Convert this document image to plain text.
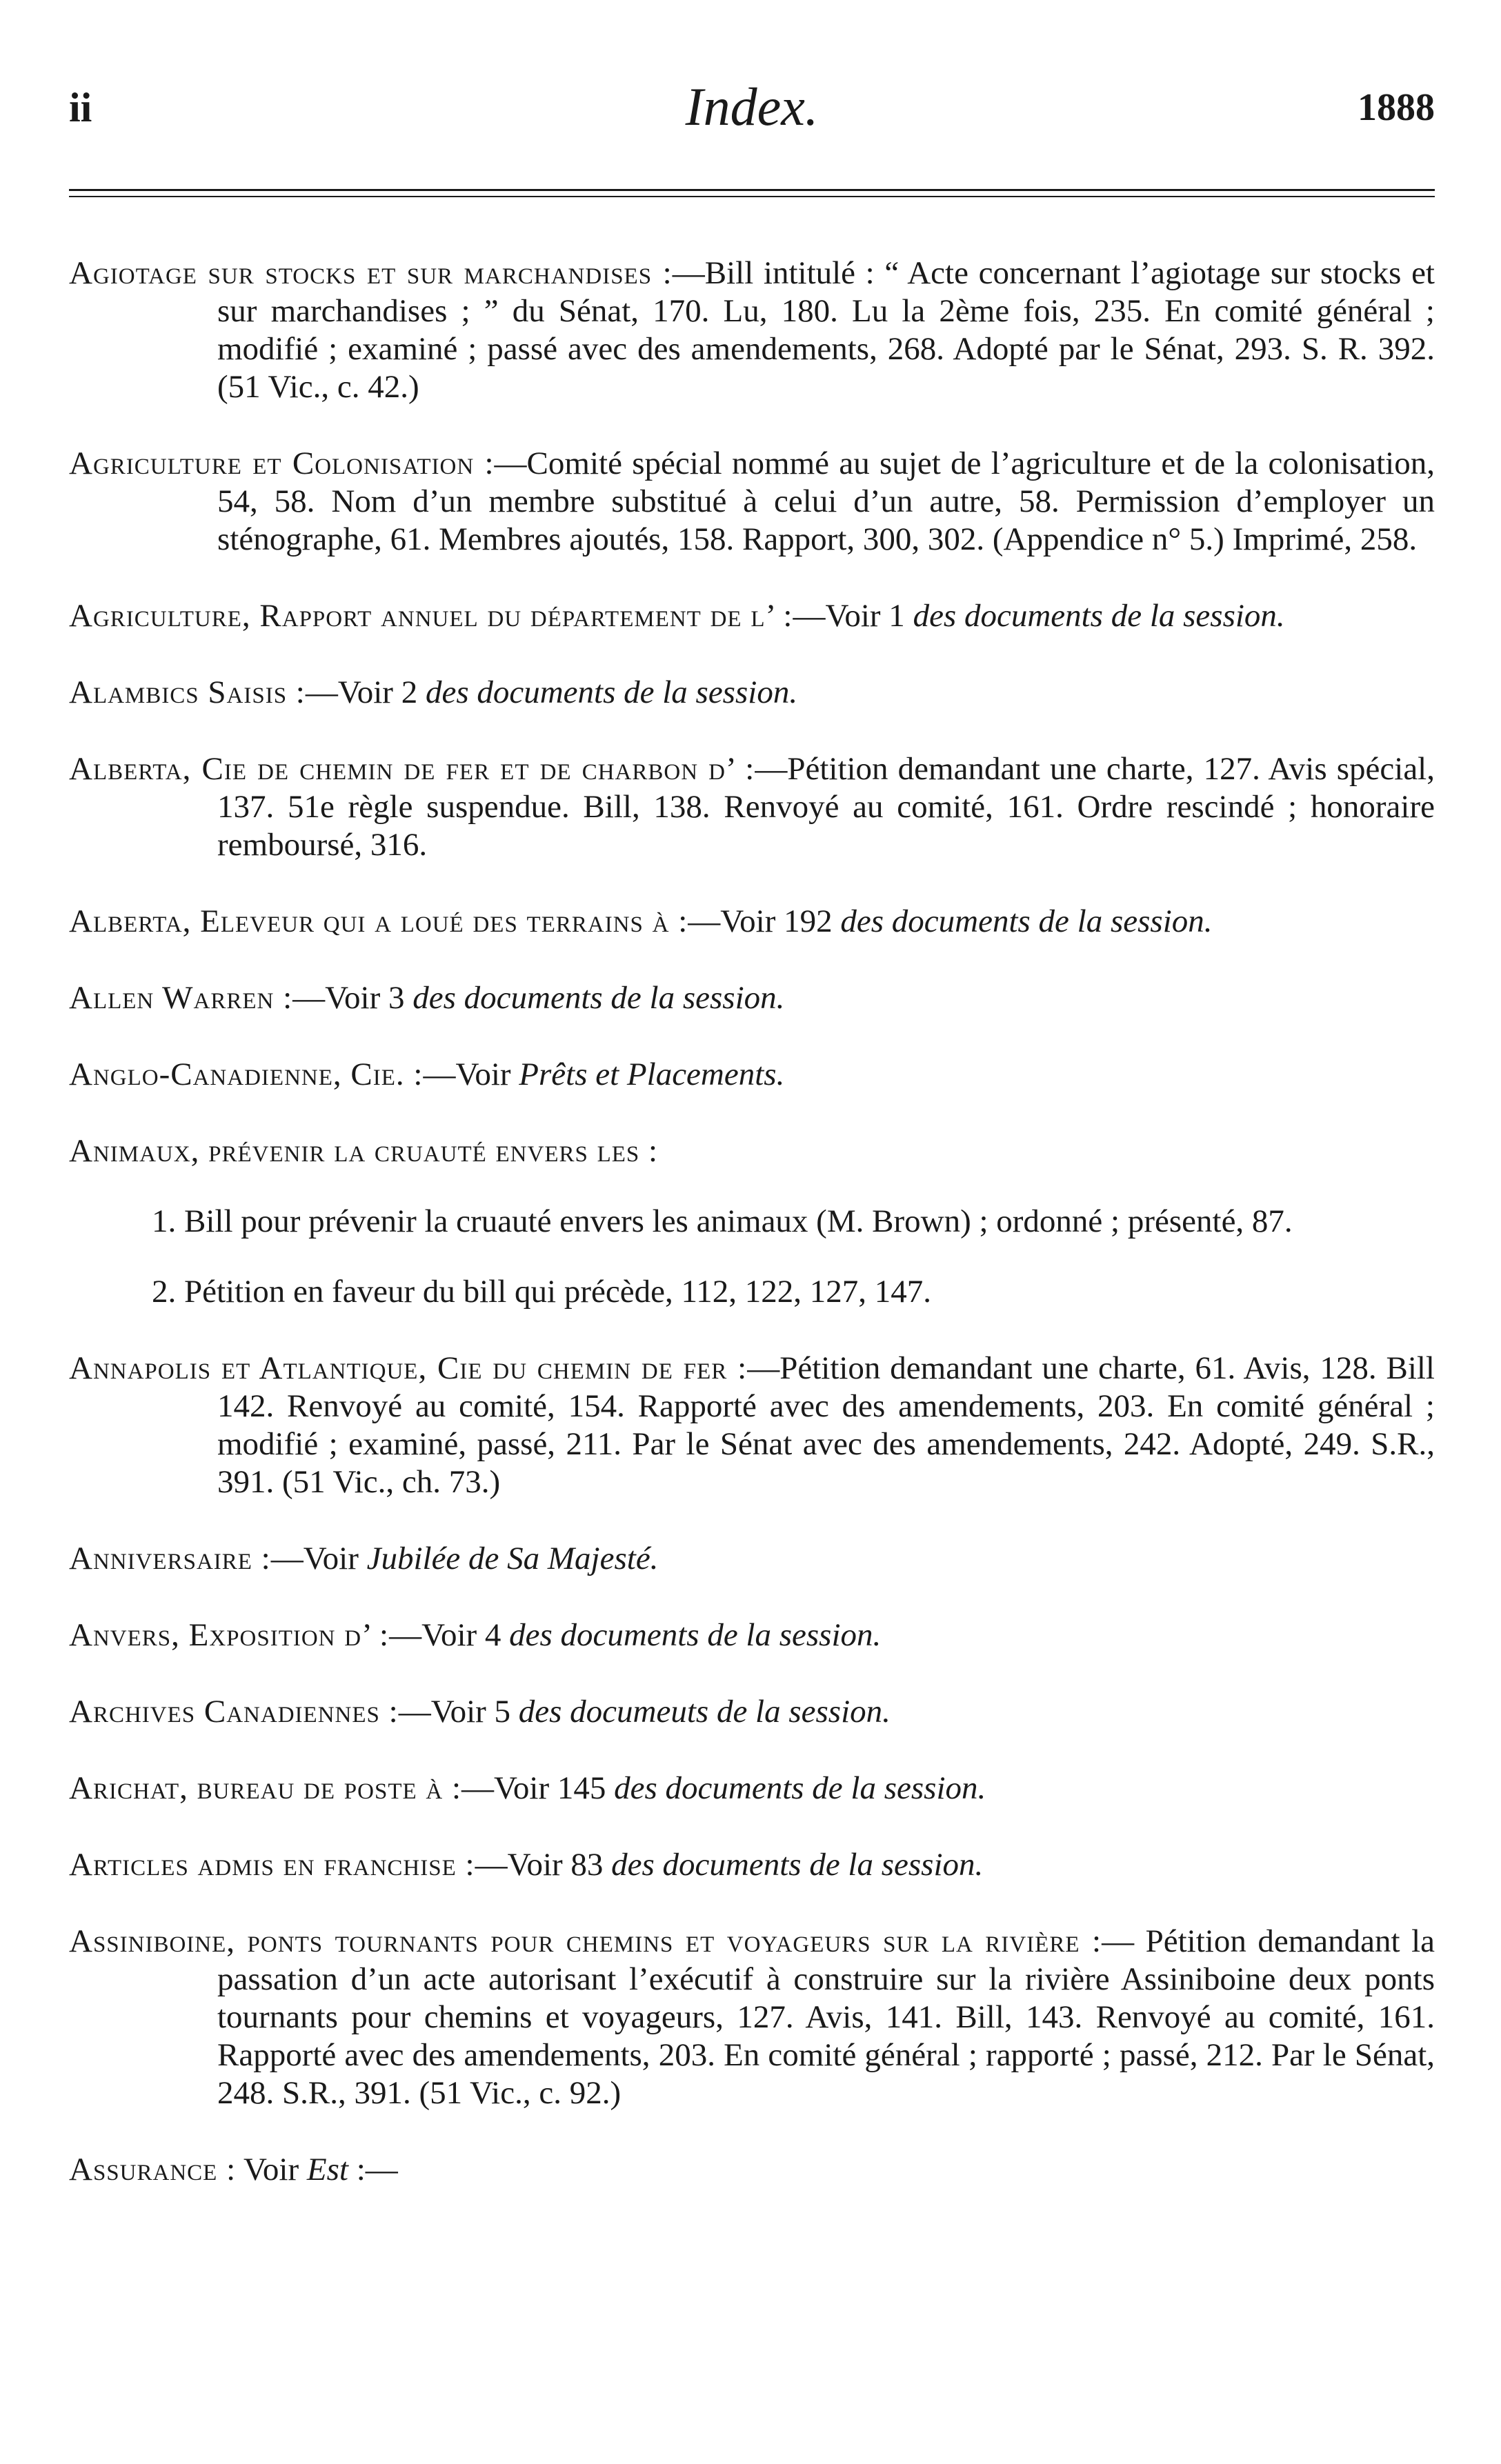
ii	Index.	1888

Agiotage sur stocks et sur marchandises :—Bill intitulé : “ Acte concernant l’agiotage sur stocks et sur marchandises ; ” du Sénat, 170. Lu, 180. Lu la 2ème fois, 235. En comité général ; modifié ; examiné ; passé avec des amendements, 268. Adopté par le Sénat, 293. S. R. 392. (51 Vic., c. 42.)

Agriculture et Colonisation :—Comité spécial nommé au sujet de l’agriculture et de la colonisation, 54, 58. Nom d’un membre substitué à celui d’un autre, 58. Permission d’employer un sténographe, 61. Membres ajoutés, 158. Rapport, 300, 302. (Appendice n° 5.) Imprimé, 258.

Agriculture, Rapport annuel du département de l’ :—Voir 1 des documents de la session.

Alambics Saisis :—Voir 2 des documents de la session.

Alberta, Cie de chemin de fer et de charbon d’ :—Pétition demandant une charte, 127. Avis spécial, 137. 51e règle suspendue. Bill, 138. Renvoyé au comité, 161. Ordre rescindé ; honoraire remboursé, 316.

Alberta, Eleveur qui a loué des terrains à :—Voir 192 des documents de la session.

Allen Warren :—Voir 3 des documents de la session.

Anglo-Canadienne, Cie. :—Voir Prêts et Placements.

Animaux, prévenir la cruauté envers les :

1. Bill pour prévenir la cruauté envers les animaux (M. Brown) ; ordonné ; présenté, 87.

2. Pétition en faveur du bill qui précède, 112, 122, 127, 147.

Annapolis et Atlantique, Cie du chemin de fer :—Pétition demandant une charte, 61. Avis, 128. Bill 142. Renvoyé au comité, 154. Rapporté avec des amendements, 203. En comité général ; modifié ; examiné, passé, 211. Par le Sénat avec des amendements, 242. Adopté, 249. S.R., 391. (51 Vic., ch. 73.)

Anniversaire :—Voir Jubilée de Sa Majesté.

Anvers, Exposition d’ :—Voir 4 des documents de la session.

Archives Canadiennes :—Voir 5 des documeuts de la session.

Arichat, bureau de poste à :—Voir 145 des documents de la session.

Articles admis en franchise :—Voir 83 des documents de la session.

Assiniboine, ponts tournants pour chemins et voyageurs sur la rivière :— Pétition demandant la passation d’un acte autorisant l’exécutif à construire sur la rivière Assiniboine deux ponts tournants pour chemins et voyageurs, 127. Avis, 141. Bill, 143. Renvoyé au comité, 161. Rapporté avec des amendements, 203. En comité général ; rapporté ; passé, 212. Par le Sénat, 248. S.R., 391. (51 Vic., c. 92.)

Assurance : Voir Est :—
